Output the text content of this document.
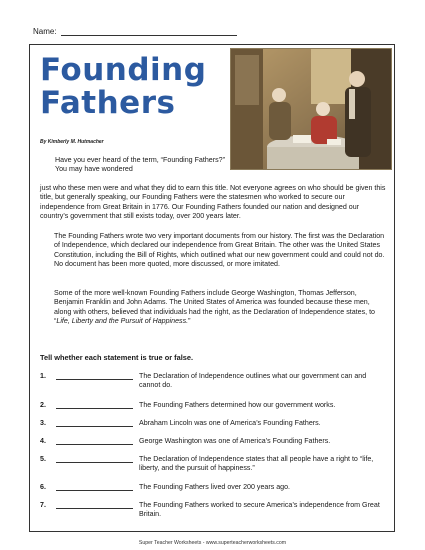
Name:
Founding
Fathers
By Kimberly M. Hutmacher
Have you ever heard of the term, “Founding Fathers?” You may have wondered
just who these men were and what they did to earn this title. Not everyone agrees on who should be given this title, but generally speaking, our Founding Fathers were the statesmen who worked to secure our independence from Great Britain in 1776. Our Founding Fathers founded our nation and designed our country’s government that still exists today, over 200 years later.
The Founding Fathers wrote two very important documents from our history. The first was the Declaration of Independence, which declared our independence from Great Britain. The other was the United States Constitution, including the Bill of Rights, which outlined what our new government could and could not do. No document has been more quoted, more discussed, or more imitated.
Some of the more well-known Founding Fathers include George Washington, Thomas Jefferson, Benjamin Franklin and John Adams. The United States of America was founded because these men, along with others, believed that individuals had the right, as the Declaration of Independence states, to “Life, Liberty and the Pursuit of Happiness.”
Tell whether each statement is true or false.
1.	The Declaration of Independence outlines what our government can and cannot do.
2.	The Founding Fathers determined how our government works.
3.	Abraham Lincoln was one of America’s Founding Fathers.
4.	George Washington was one of America’s Founding Fathers.
5.	The Declaration of Independence states that all people have a right to “life, liberty, and the pursuit of happiness.”
6.	The Founding Fathers lived over 200 years ago.
7.	The Founding Fathers worked to secure America’s independence from Great Britain.
Super Teacher Worksheets - www.superteacherworksheets.com
